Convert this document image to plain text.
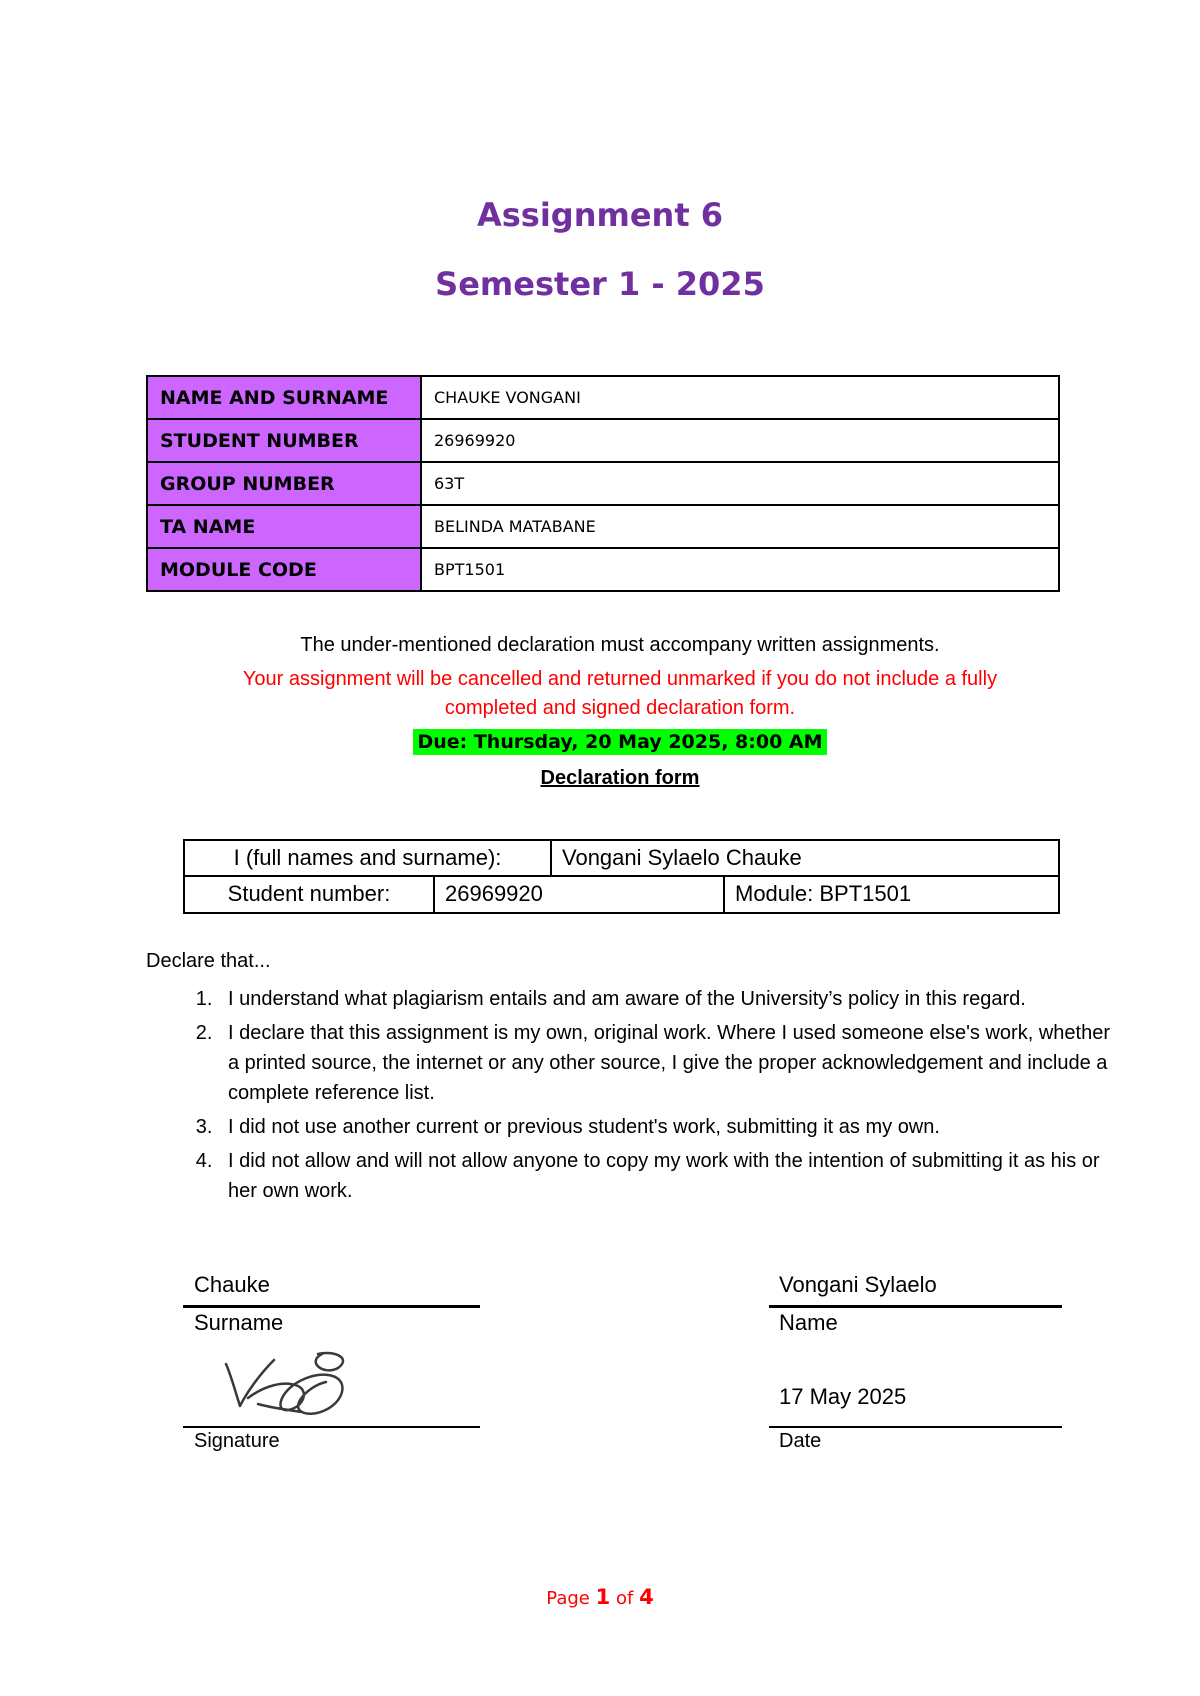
Assignment 6
Semester 1 - 2025
NAME AND SURNAME	CHAUKE VONGANI
STUDENT NUMBER	26969920
GROUP NUMBER	63T
TA NAME	BELINDA MATABANE
MODULE CODE	BPT1501
The under-mentioned declaration must accompany written assignments.
Your assignment will be cancelled and returned unmarked if you do not include a fully
completed and signed declaration form.
Due: Thursday, 20 May 2025, 8:00 AM
Declaration form
I (full names and surname):	Vongani Sylaelo Chauke
Student number:	26969920	Module: BPT1501
Declare that...
1. I understand what plagiarism entails and am aware of the University’s policy in this regard.
2. I declare that this assignment is my own, original work. Where I used someone else's work, whether a printed source, the internet or any other source, I give the proper acknowledgement and include a complete reference list.
3. I did not use another current or previous student's work, submitting it as my own.
4. I did not allow and will not allow anyone to copy my work with the intention of submitting it as his or her own work.
Chauke
Surname
Vongani Sylaelo
Name
Signature
17 May 2025
Date
Page 1 of 4
